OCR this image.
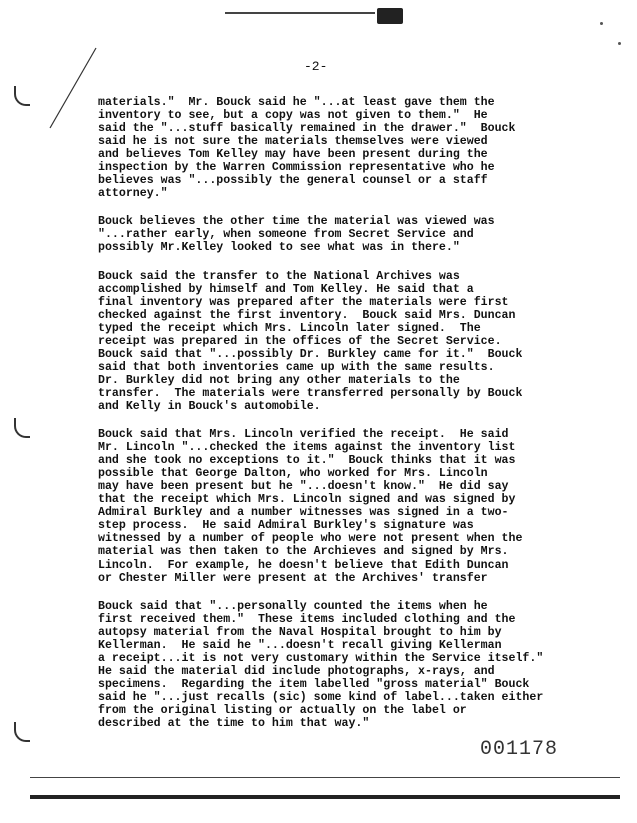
-2-

materials."  Mr. Bouck said he "...at least gave them the
inventory to see, but a copy was not given to them."  He
said the "...stuff basically remained in the drawer."  Bouck
said he is not sure the materials themselves were viewed
and believes Tom Kelley may have been present during the
inspection by the Warren Commission representative who he
believes was "...possibly the general counsel or a staff
attorney."

Bouck believes the other time the material was viewed was
"...rather early, when someone from Secret Service and
possibly Mr.Kelley looked to see what was in there."

Bouck said the transfer to the National Archives was
accomplished by himself and Tom Kelley. He said that a
final inventory was prepared after the materials were first
checked against the first inventory.  Bouck said Mrs. Duncan
typed the receipt which Mrs. Lincoln later signed.  The
receipt was prepared in the offices of the Secret Service.
Bouck said that "...possibly Dr. Burkley came for it."  Bouck
said that both inventories came up with the same results.
Dr. Burkley did not bring any other materials to the
transfer.  The materials were transferred personally by Bouck
and Kelly in Bouck's automobile.

Bouck said that Mrs. Lincoln verified the receipt.  He said
Mr. Lincoln "...checked the items against the inventory list
and she took no exceptions to it."  Bouck thinks that it was
possible that George Dalton, who worked for Mrs. Lincoln
may have been present but he "...doesn't know."  He did say
that the receipt which Mrs. Lincoln signed and was signed by
Admiral Burkley and a number witnesses was signed in a two-
step process.  He said Admiral Burkley's signature was
witnessed by a number of people who were not present when the
material was then taken to the Archieves and signed by Mrs.
Lincoln.  For example, he doesn't believe that Edith Duncan
or Chester Miller were present at the Archives' transfer

Bouck said that "...personally counted the items when he
first received them."  These items included clothing and the
autopsy material from the Naval Hospital brought to him by
Kellerman.  He said he "...doesn't recall giving Kellerman
a receipt...it is not very customary within the Service itself."
He said the material did include photographs, x-rays, and
specimens.  Regarding the item labelled "gross material" Bouck
said he "...just recalls (sic) some kind of label...taken either
from the original listing or actually on the label or
described at the time to him that way."

001178
